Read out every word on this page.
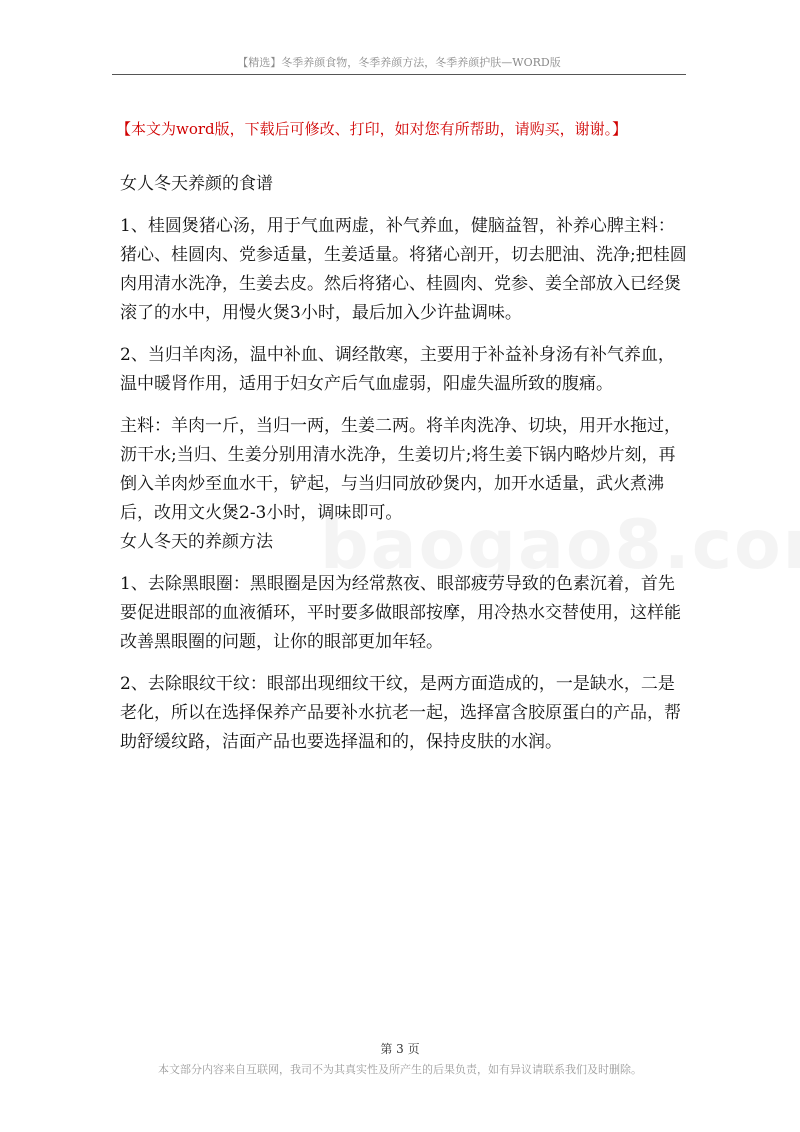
【精选】冬季养颜食物，冬季养颜方法，冬季养颜护肤—WORD版
【本文为word版，下载后可修改、打印，如对您有所帮助，请购买，谢谢。】

女人冬天养颜的食谱

1、桂圆煲猪心汤，用于气血两虚，补气养血，健脑益智，补养心脾主料：猪心、桂圆肉、党参适量，生姜适量。将猪心剖开，切去肥油、洗净;把桂圆肉用清水洗净，生姜去皮。然后将猪心、桂圆肉、党参、姜全部放入已经煲滚了的水中，用慢火煲3小时，最后加入少许盐调味。

2、当归羊肉汤，温中补血、调经散寒，主要用于补益补身汤有补气养血，温中暖肾作用，适用于妇女产后气血虚弱，阳虚失温所致的腹痛。

主料：羊肉一斤，当归一两，生姜二两。将羊肉洗净、切块，用开水拖过，沥干水;当归、生姜分别用清水洗净，生姜切片;将生姜下锅内略炒片刻，再倒入羊肉炒至血水干，铲起，与当归同放砂煲内，加开水适量，武火煮沸后，改用文火煲2-3小时，调味即可。

女人冬天的养颜方法

1、去除黑眼圈：黑眼圈是因为经常熬夜、眼部疲劳导致的色素沉着，首先要促进眼部的血液循环，平时要多做眼部按摩，用冷热水交替使用，这样能改善黑眼圈的问题，让你的眼部更加年轻。

2、去除眼纹干纹：眼部出现细纹干纹，是两方面造成的，一是缺水，二是老化，所以在选择保养产品要补水抗老一起，选择富含胶原蛋白的产品，帮助舒缓纹路，洁面产品也要选择温和的，保持皮肤的水润。

第 3 页
本文部分内容来自互联网，我司不为其真实性及所产生的后果负责，如有异议请联系我们及时删除。
